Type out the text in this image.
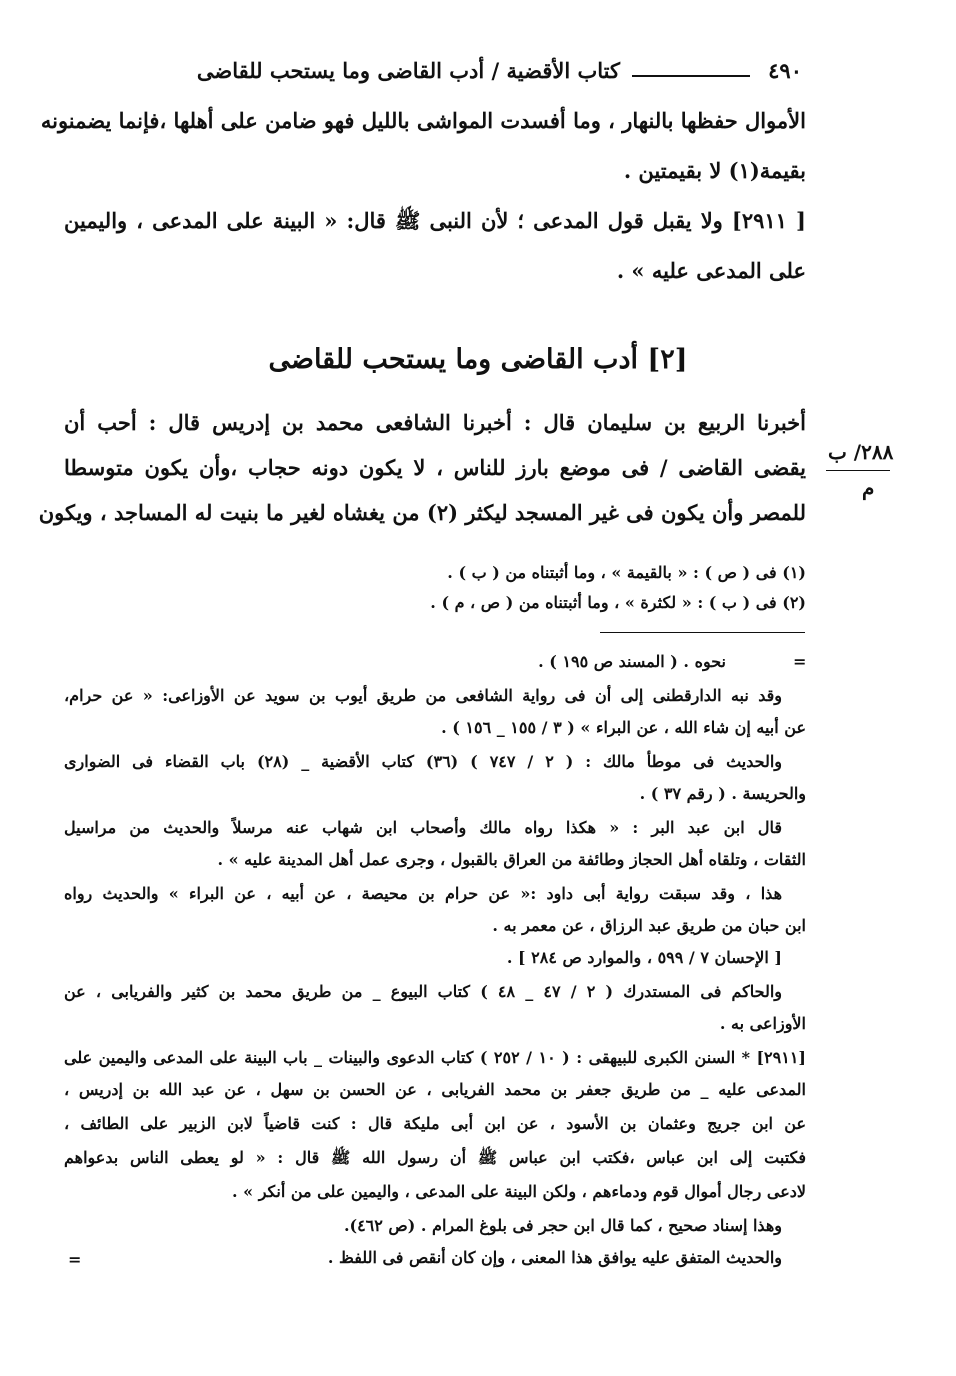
٤٩٠
كتاب الأقضية / أدب القاضى وما يستحب للقاضى
الأموال حفظها بالنهار ، وما أفسدت المواشى بالليل فهو ضامن على أهلها ،فإنما يضمنونه
بقيمة(١) لا بقيمتين .
[ ٢٩١١] ولا يقبل قول المدعى ؛ لأن النبى ﷺ قال: « البينة على المدعى ، واليمين
على المدعى عليه » .
[٢] أدب القاضى وما يستحب للقاضى
أخبرنا الربيع بن سليمان قال : أخبرنا الشافعى محمد بن إدريس قال : أحب أن
يقضى القاضى / فى موضع بارز للناس ، لا يكون دونه حجاب ،وأن يكون متوسطا
للمصر وأن يكون فى غير المسجد ليكثر (٢) من يغشاه لغير ما بنيت له المساجد ، ويكون
٢٨٨/ ب
م
(١) فى ( ص ) : « بالقيمة » ، وما أثبتناه من ( ب ) .
(٢) فى ( ب ) : « لكثرة » ، وما أثبتناه من ( ص ، م ) .
=
نحوه . ( المسند ص ١٩٥ ) .
وقد نبه الدارقطنى إلى أن فى رواية الشافعى من طريق أيوب بن سويد عن الأوزاعى: « عن حرام،
عن أبيه إن شاء الله ، عن البراء » ( ٣ / ١٥٥ _ ١٥٦ ) .
والحديث فى موطأ مالك : ( ٢ / ٧٤٧ ) (٣٦) كتاب الأقضية _ (٢٨) باب القضاء فى الضوارى
والحريسة . ( رقم ٣٧ ) .
قال ابن عبد البر : « هكذا رواه مالك وأصحاب ابن شهاب عنه مرسلاً والحديث من مراسيل
الثقات ، وتلقاه أهل الحجاز وطائفة من العراق بالقبول ، وجرى عمل أهل المدينة عليه » .
هذا ، وقد سبقت رواية أبى داود :« عن حرام بن محيصة ، عن أبيه ، عن البراء » والحديث رواه
ابن حبان من طريق عبد الرزاق ، عن معمر به .
[ الإحسان ٧ / ٥٩٩ ، والموارد ص ٢٨٤ ] .
والحاكم فى المستدرك ( ٢ / ٤٧ _ ٤٨ ) كتاب البيوع _ من طريق محمد بن كثير والفريابى ، عن
الأوزاعى به .
[٢٩١١] * السنن الكبرى للبيهقى : ( ١٠ / ٢٥٢ ) كتاب الدعوى والبينات _ باب البينة على المدعى واليمين على
المدعى عليه _ من طريق جعفر بن محمد الفريابى ، عن الحسن بن سهل ، عن عبد الله بن إدريس ،
عن ابن جريج وعثمان بن الأسود ، عن ابن أبى مليكة قال : كنت قاضياً لابن الزبير على الطائف ،
فكتبت إلى ابن عباس ،فكتب ابن عباس ﷺ أن رسول الله ﷺ قال : « لو يعطى الناس بدعواهم
لادعى رجال أموال قوم ودماءهم ، ولكن البينة على المدعى ، واليمين على من أنكر » .
وهذا إسناد صحيح ، كما قال ابن حجر فى بلوغ المرام . (ص ٤٦٢).
والحديث المتفق عليه يوافق هذا المعنى ، وإن كان أنقص فى اللفظ .
=
